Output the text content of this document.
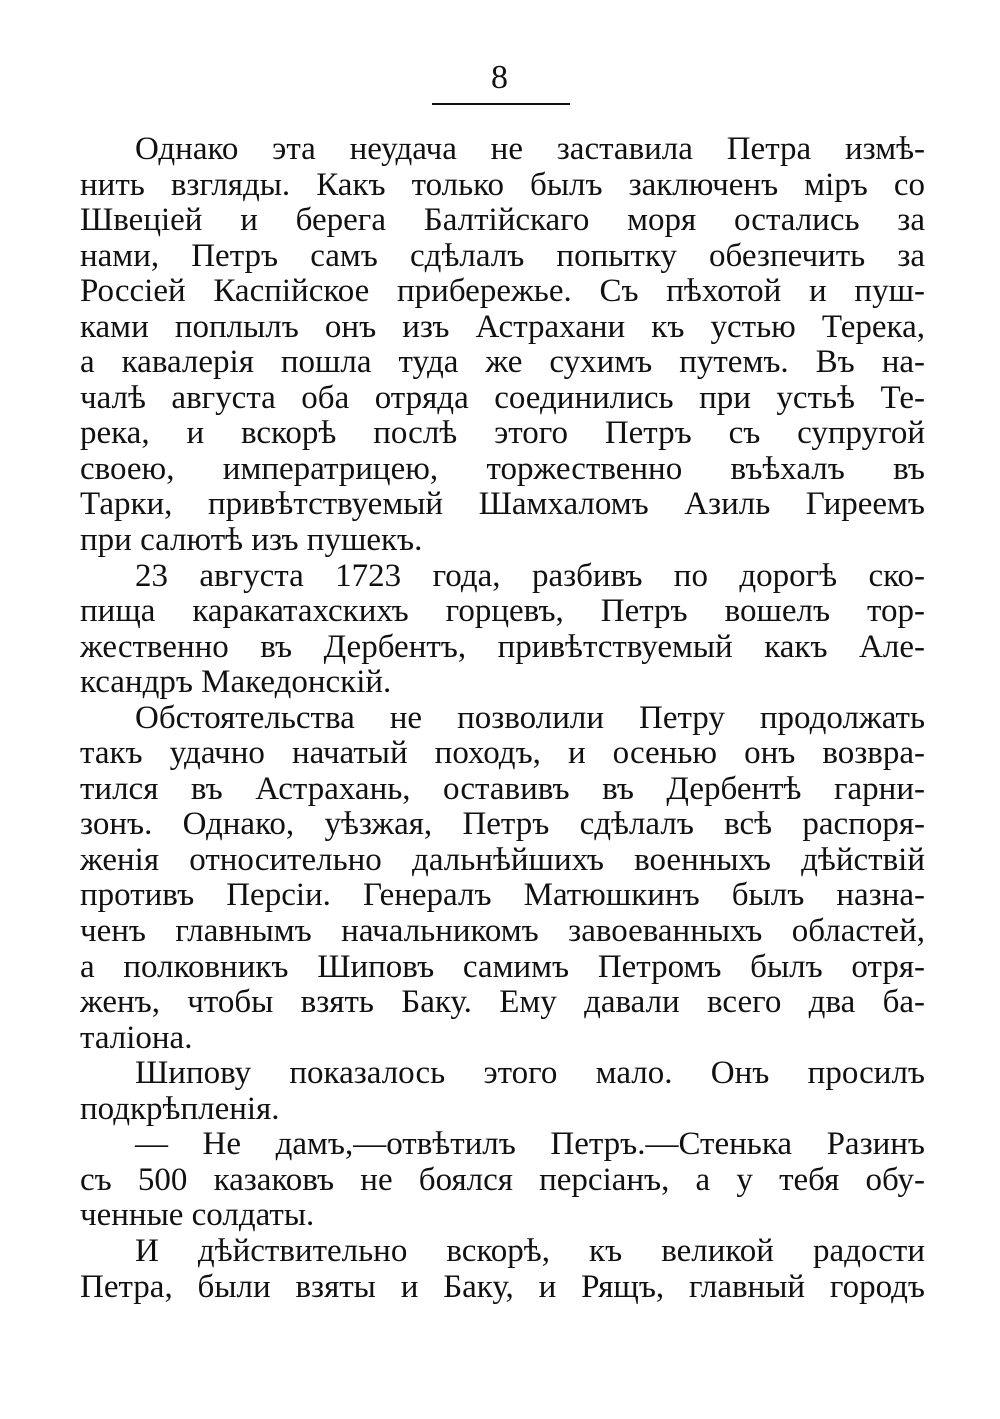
8
Однако эта неудача не заставила Петра измѣ-
нить взгляды. Какъ только былъ заключенъ міръ со
Швеціей и берега Балтійскаго моря остались за
нами, Петръ самъ сдѣлалъ попытку обезпечить за
Россіей Каспійское прибережье. Съ пѣхотой и пуш-
ками поплылъ онъ изъ Астрахани къ устью Терека,
а кавалерія пошла туда же сухимъ путемъ. Въ на-
чалѣ августа оба отряда соединились при устьѣ Те-
река, и вскорѣ послѣ этого Петръ съ супругой
своею, императрицею, торжественно въѣхалъ въ
Тарки, привѣтствуемый Шамхаломъ Азиль Гиреемъ
при салютѣ изъ пушекъ.
23 августа 1723 года, разбивъ по дорогѣ ско-
пища каракатахскихъ горцевъ, Петръ вошелъ тор-
жественно въ Дербентъ, привѣтствуемый какъ Але-
ксандръ Македонскій.
Обстоятельства не позволили Петру продолжать
такъ удачно начатый походъ, и осенью онъ возвра-
тился въ Астрахань, оставивъ въ Дербентѣ гарни-
зонъ. Однако, уѣзжая, Петръ сдѣлалъ всѣ распоря-
женія относительно дальнѣйшихъ военныхъ дѣйствій
противъ Персіи. Генералъ Матюшкинъ былъ назна-
ченъ главнымъ начальникомъ завоеванныхъ областей,
а полковникъ Шиповъ самимъ Петромъ былъ отря-
женъ, чтобы взять Баку. Ему давали всего два ба-
таліона.
Шипову показалось этого мало. Онъ просилъ
подкрѣпленія.
— Не дамъ,—отвѣтилъ Петръ.—Стенька Разинъ
съ 500 казаковъ не боялся персіанъ, а у тебя обу-
ченные солдаты.
И дѣйствительно вскорѣ, къ великой радости
Петра, были взяты и Баку, и Рящъ, главный городъ
